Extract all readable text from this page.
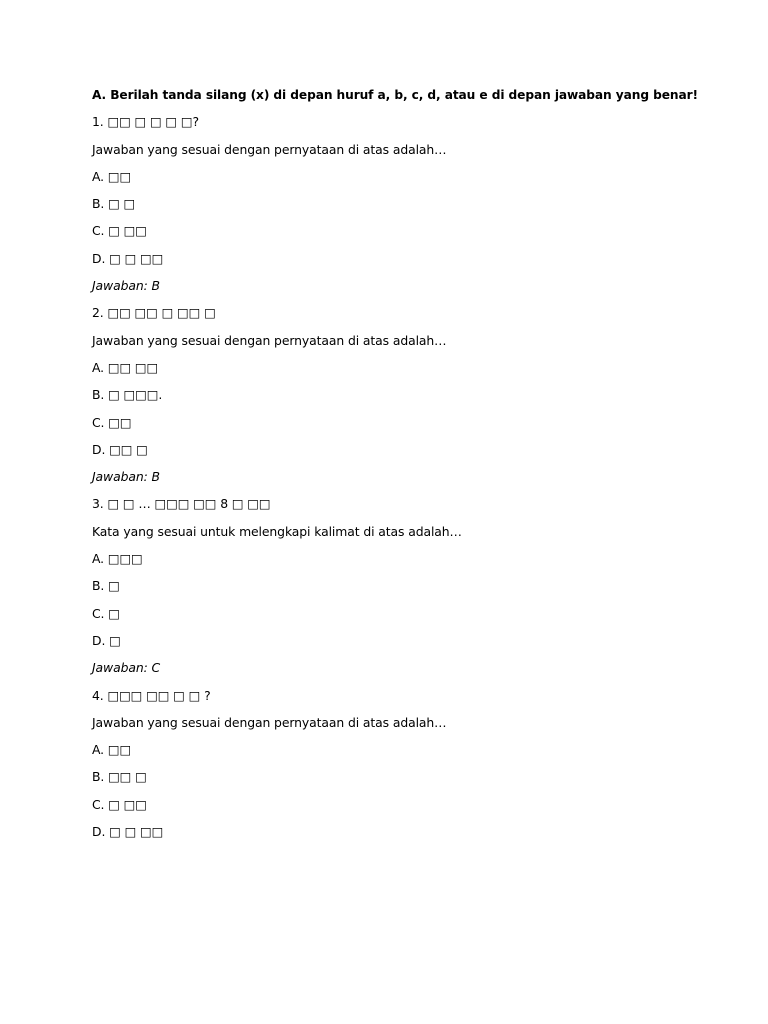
A. Berilah tanda silang (x) di depan huruf a, b, c, d, atau e di depan jawaban yang benar!
1. □□ □ □ □ □?
Jawaban yang sesuai dengan pernyataan di atas adalah…
A. □□
B. □ □
C. □ □□
D. □ □ □□
Jawaban: B
2. □□ □□ □ □□ □
Jawaban yang sesuai dengan pernyataan di atas adalah…
A. □□ □□
B. □ □□□.
C. □□
D. □□ □
Jawaban: B
3. □ □ … □□□ □□ 8 □ □□
Kata yang sesuai untuk melengkapi kalimat di atas adalah…
A. □□□
B. □
C. □
D. □
Jawaban: C
4. □□□ □□ □ □ ?
Jawaban yang sesuai dengan pernyataan di atas adalah…
A. □□
B. □□ □
C. □ □□
D. □ □ □□
